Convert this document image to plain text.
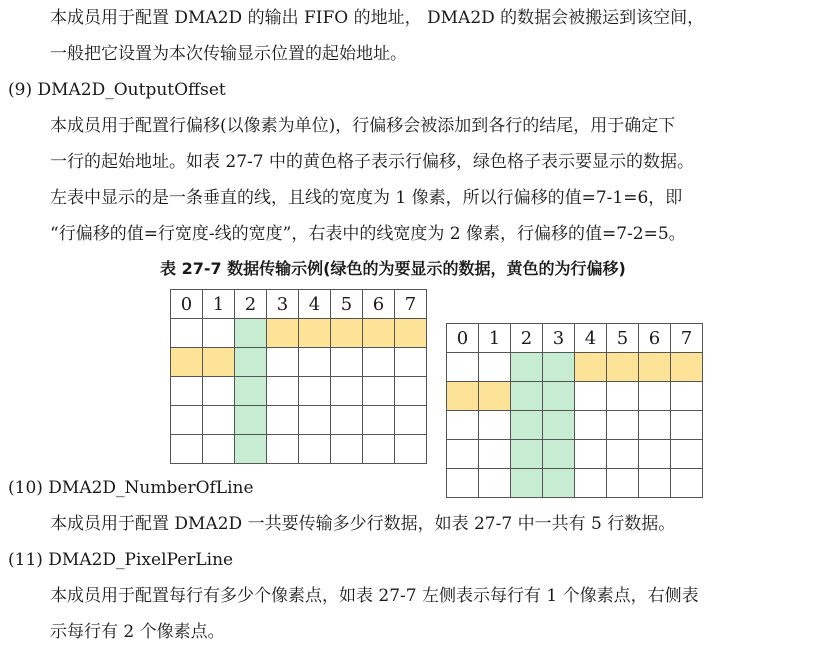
本成员用于配置 DMA2D 的输出 FIFO 的地址， DMA2D 的数据会被搬运到该空间，
一般把它设置为本次传输显示位置的起始地址。
(9) DMA2D_OutputOffset
本成员用于配置行偏移(以像素为单位)，行偏移会被添加到各行的结尾，用于确定下
一行的起始地址。如表 27-7 中的黄色格子表示行偏移，绿色格子表示要显示的数据。
左表中显示的是一条垂直的线，且线的宽度为 1 像素，所以行偏移的值=7-1=6，即
“行偏移的值=行宽度-线的宽度”，右表中的线宽度为 2 像素，行偏移的值=7-2=5。
表 27-7 数据传输示例(绿色的为要显示的数据，黄色的为行偏移)
0	1	2	3	4	5	6	7

0	1	2	3	4	5	6	7

(10) DMA2D_NumberOfLine
本成员用于配置 DMA2D 一共要传输多少行数据，如表 27-7 中一共有 5 行数据。
(11) DMA2D_PixelPerLine
本成员用于配置每行有多少个像素点，如表 27-7 左侧表示每行有 1 个像素点，右侧表
示每行有 2 个像素点。
